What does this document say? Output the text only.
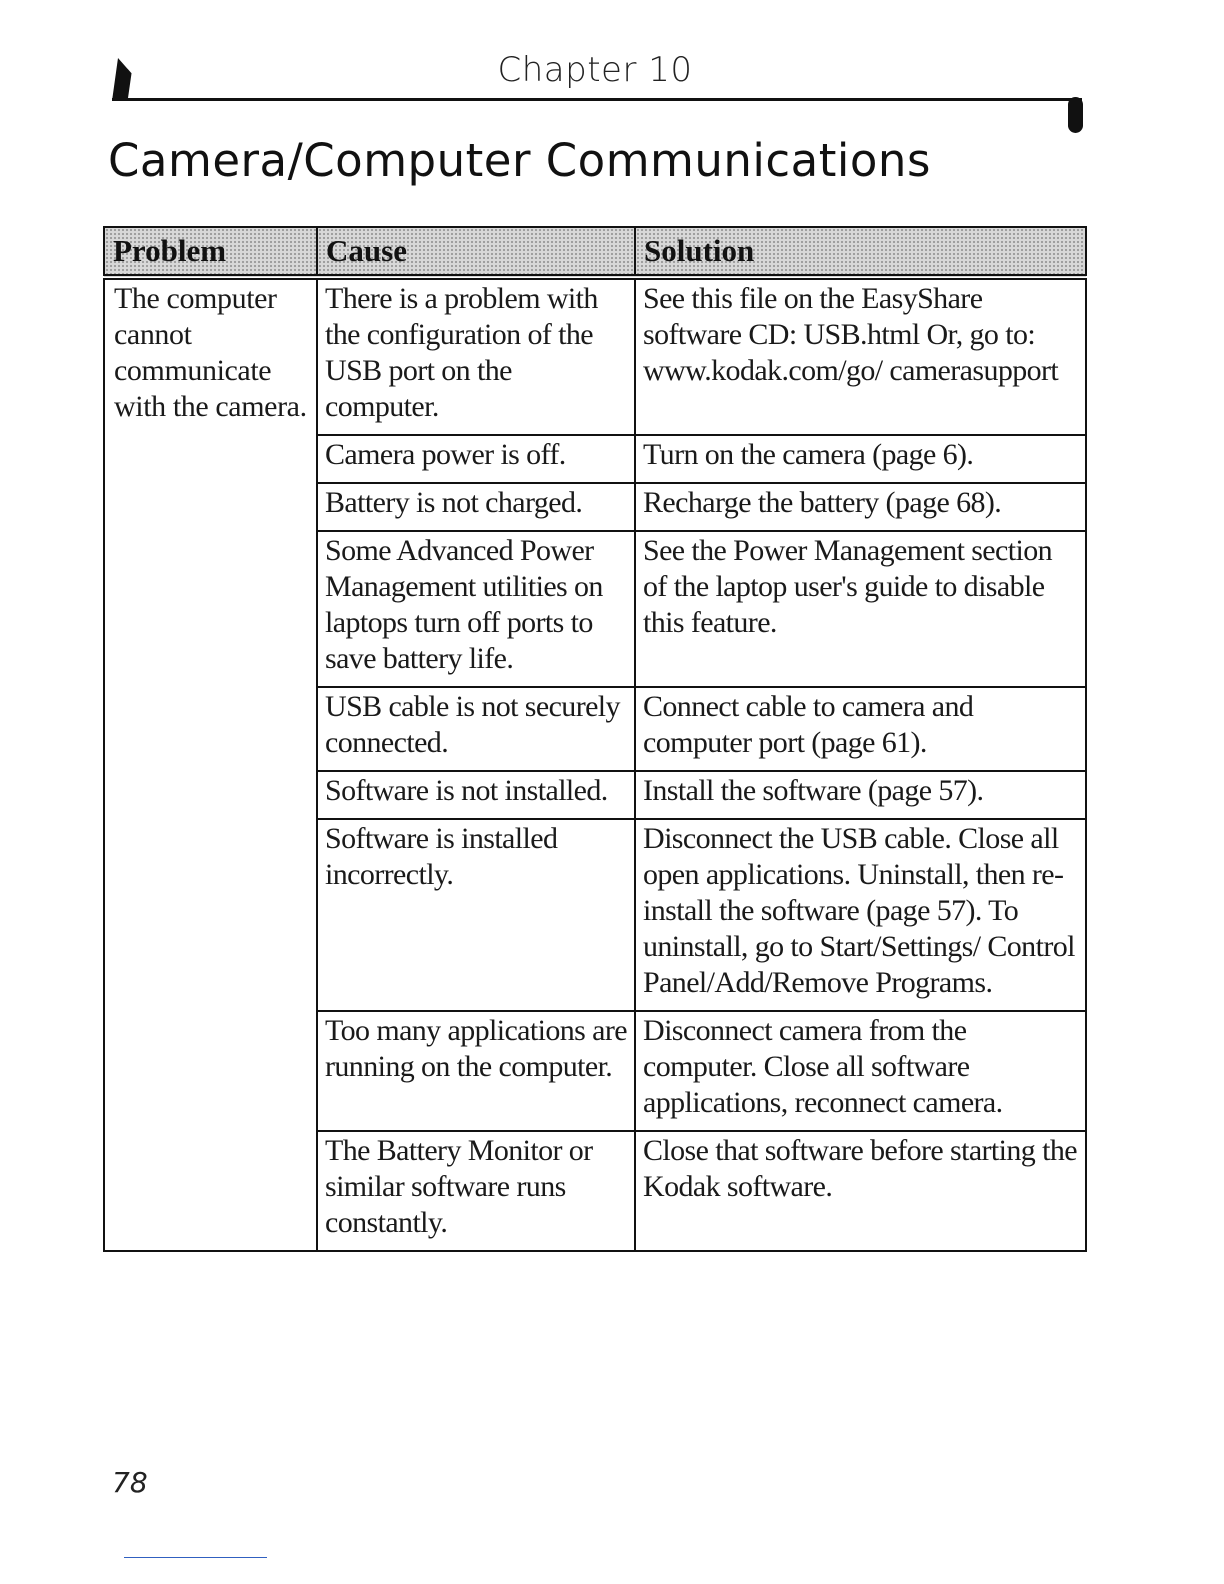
Chapter 10
Camera/Computer Communications
Problem	Cause	Solution
The computer cannot communicate with the camera.	There is a problem with the configuration of the USB port on the computer.	See this file on the EasyShare software CD: USB.html Or, go to: www.kodak.com/go/ camerasupport
	Camera power is off.	Turn on the camera (page 6).
	Battery is not charged.	Recharge the battery (page 68).
	Some Advanced Power Management utilities on laptops turn off ports to save battery life.	See the Power Management section of the laptop user's guide to disable this feature.
	USB cable is not securely connected.	Connect cable to camera and computer port (page 61).
	Software is not installed.	Install the software (page 57).
	Software is installed incorrectly.	Disconnect the USB cable. Close all open applications. Uninstall, then re-install the software (page 57). To uninstall, go to Start/Settings/ Control Panel/Add/Remove Programs.
	Too many applications are running on the computer.	Disconnect camera from the computer. Close all software applications, reconnect camera.
	The Battery Monitor or similar software runs constantly.	Close that software before starting the Kodak software.
78
